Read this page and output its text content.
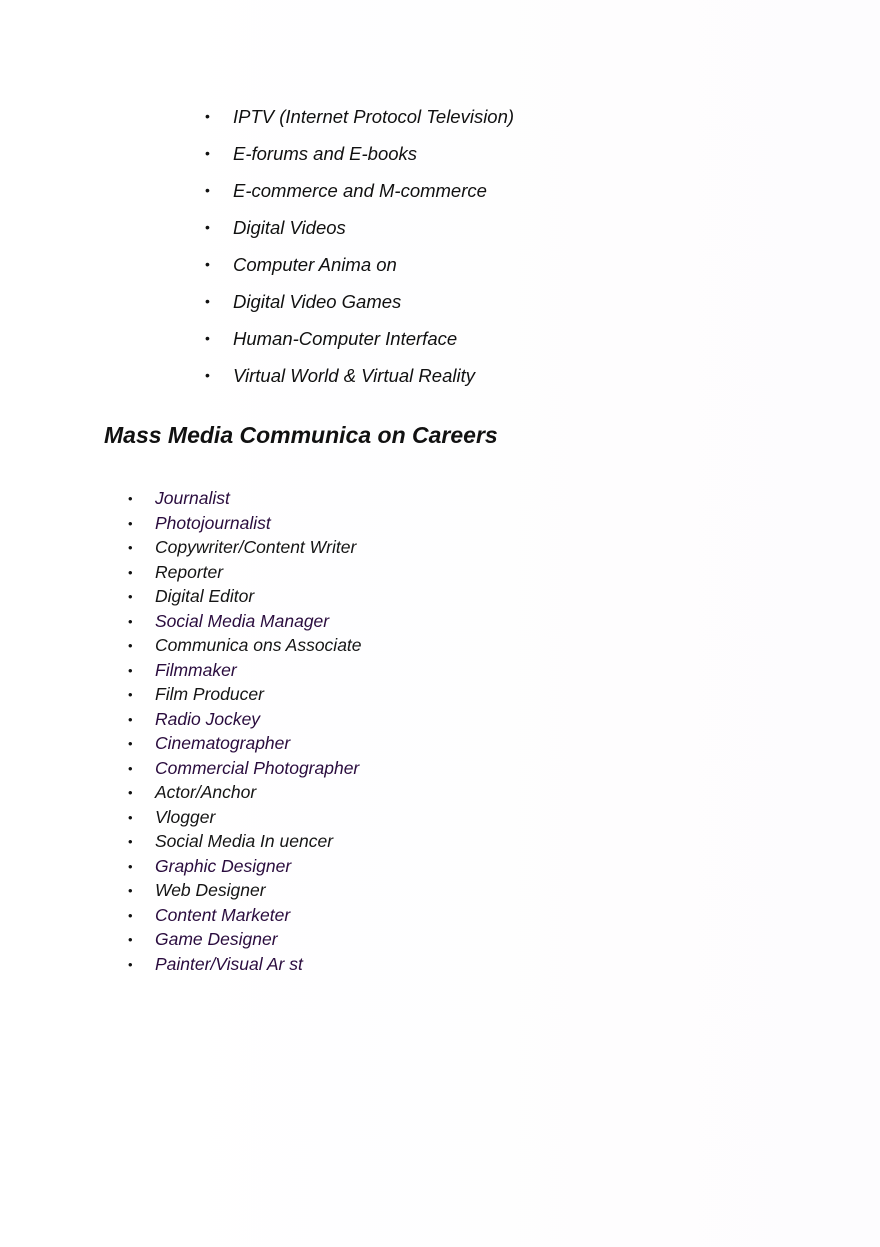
• IPTV (Internet Protocol Television)
• E-forums and E-books
• E-commerce and M-commerce
• Digital Videos
• Computer Anima on
• Digital Video Games
• Human-Computer Interface
• Virtual World & Virtual Reality
Mass Media Communica on Careers
• Journalist
• Photojournalist
• Copywriter/Content Writer
• Reporter
• Digital Editor
• Social Media Manager
• Communica ons Associate
• Filmmaker
• Film Producer
• Radio Jockey
• Cinematographer
• Commercial Photographer
• Actor/Anchor
• Vlogger
• Social Media In uencer
• Graphic Designer
• Web Designer
• Content Marketer
• Game Designer
• Painter/Visual Ar st
